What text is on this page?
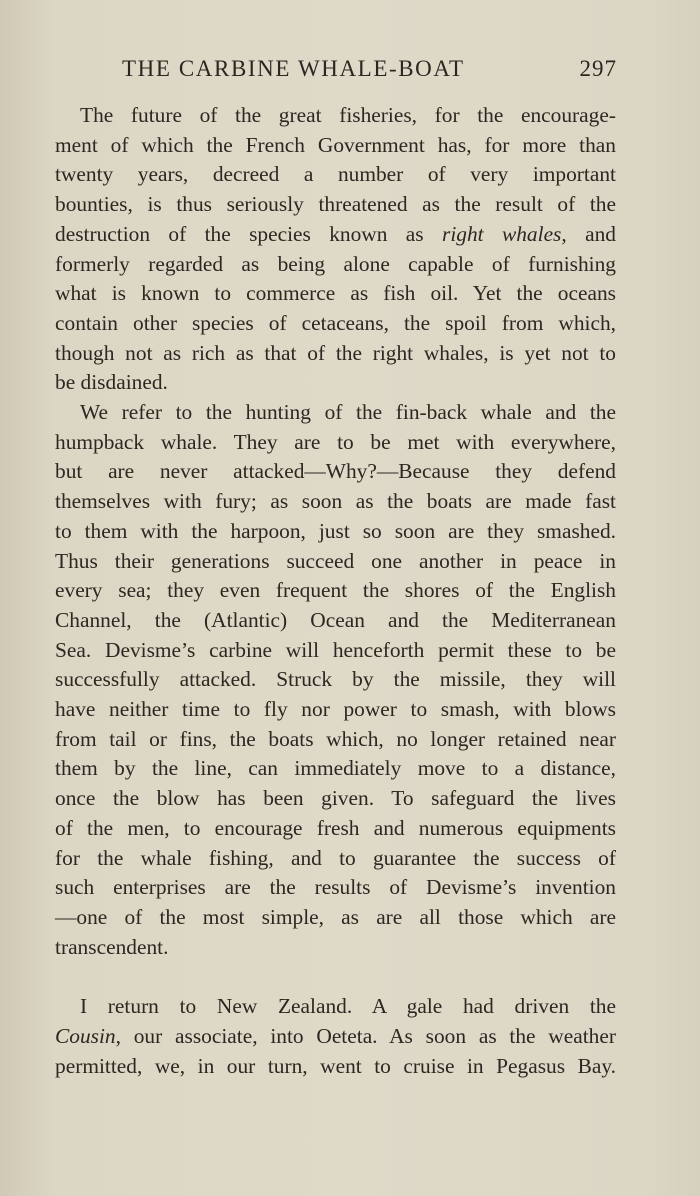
THE CARBINE WHALE-BOAT	297
The future of the great fisheries, for the encourage-
ment of which the French Government has, for more than
twenty years, decreed a number of very important
bounties, is thus seriously threatened as the result of the
destruction of the species known as right whales, and
formerly regarded as being alone capable of furnishing
what is known to commerce as fish oil. Yet the oceans
contain other species of cetaceans, the spoil from which,
though not as rich as that of the right whales, is yet not to
be disdained.
We refer to the hunting of the fin-back whale and the
humpback whale. They are to be met with everywhere,
but are never attacked—Why?—Because they defend
themselves with fury; as soon as the boats are made fast
to them with the harpoon, just so soon are they smashed.
Thus their generations succeed one another in peace in
every sea; they even frequent the shores of the English
Channel, the (Atlantic) Ocean and the Mediterranean
Sea. Devisme’s carbine will henceforth permit these to be
successfully attacked. Struck by the missile, they will
have neither time to fly nor power to smash, with blows
from tail or fins, the boats which, no longer retained near
them by the line, can immediately move to a distance,
once the blow has been given. To safeguard the lives
of the men, to encourage fresh and numerous equipments
for the whale fishing, and to guarantee the success of
such enterprises are the results of Devisme’s invention
—one of the most simple, as are all those which are
transcendent.
I return to New Zealand. A gale had driven the
Cousin, our associate, into Oeteta. As soon as the weather
permitted, we, in our turn, went to cruise in Pegasus Bay.
